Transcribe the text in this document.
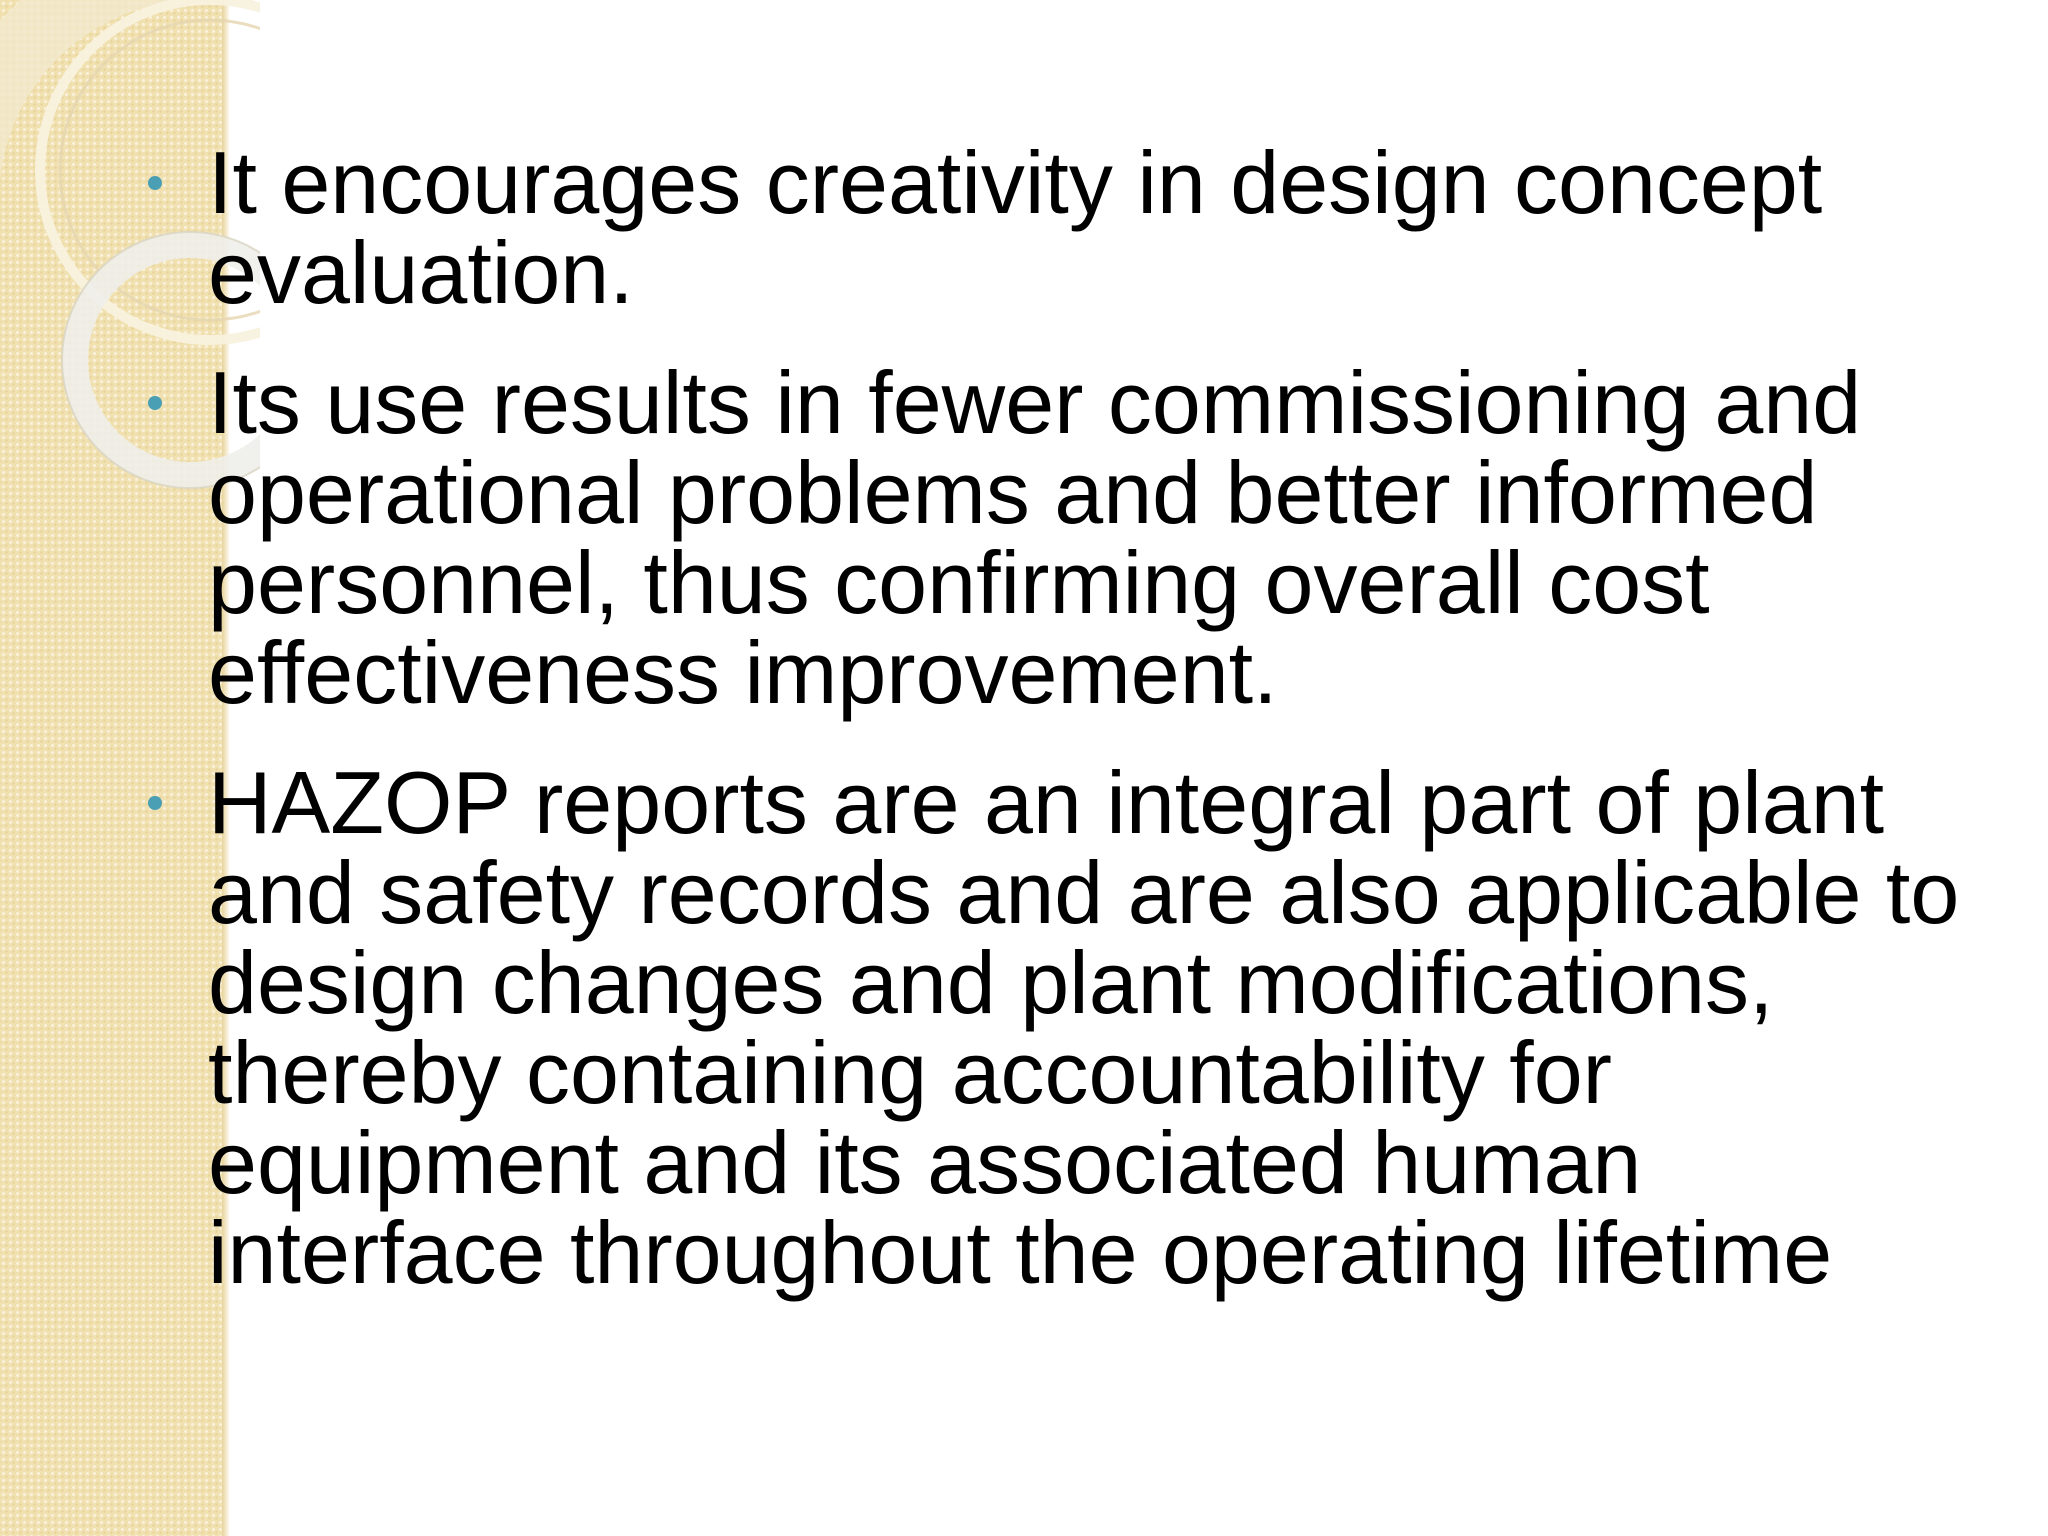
It encourages creativity in design concept evaluation.
Its use results in fewer commissioning and operational problems and better informed personnel, thus confirming overall cost effectiveness improvement.
HAZOP reports are an integral part of plant and safety records and are also applicable to design changes and plant modifications, thereby containing accountability for equipment and its associated human interface throughout the operating lifetime
